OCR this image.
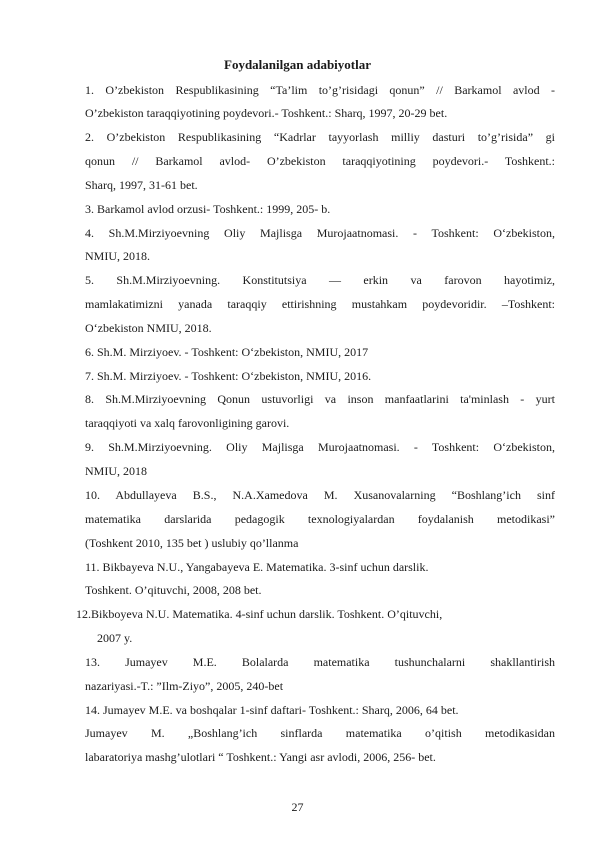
Foydalanilgan adabiyotlar
1. O’zbekiston Respublikasining “Ta’lim to’g’risidagi qonun” // Barkamol avlod -
O’zbekiston taraqqiyotining poydevori.- Toshkent.: Sharq, 1997, 20-29 bet.
2. O’zbekiston Respublikasining “Kadrlar tayyorlash milliy dasturi to’g’risida” gi
qonun // Barkamol avlod- O’zbekiston taraqqiyotining poydevori.- Toshkent.:
Sharq, 1997, 31-61 bet.
3. Barkamol avlod orzusi- Toshkent.: 1999, 205- b.
4. Sh.M.Mirziyoevning Oliy Majlisga Murojaatnomasi. - Toshkent: O‘zbekiston,
NMIU, 2018.
5. Sh.M.Mirziyoevning. Konstitutsiya — erkin va farovon hayotimiz,
mamlakatimizni yanada taraqqiy ettirishning mustahkam poydevoridir. –Toshkent:
O‘zbekiston NMIU, 2018.
6. Sh.M. Mirziyoev. - Toshkent: O‘zbekiston, NMIU, 2017
7. Sh.M. Mirziyoev. - Toshkent: O‘zbekiston, NMIU, 2016.
8. Sh.M.Mirziyoevning Qonun ustuvorligi va inson manfaatlarini ta'minlash - yurt
taraqqiyoti va xalq farovonligining garovi.
9. Sh.M.Mirziyoevning. Oliy Majlisga Murojaatnomasi. - Toshkent: O‘zbekiston,
NMIU, 2018
10. Abdullayeva B.S., N.A.Xamedova M. Xusanovalarning “Boshlang’ich sinf
matematika darslarida pedagogik texnologiyalardan foydalanish metodikasi”
(Toshkent 2010, 135 bet ) uslubiy qo’llanma
11. Bikbayeva N.U., Yangabayeva E. Matematika. 3-sinf uchun darslik.
Toshkent. O’qituvchi, 2008, 208 bet.
12.Bikboyeva N.U. Matematika. 4-sinf uchun darslik. Toshkent. O’qituvchi,
2007 y.
13. Jumayev M.E. Bolalarda matematika tushunchalarni shakllantirish
nazariyasi.-T.: ”Ilm-Ziyo”, 2005, 240-bet
14. Jumayev M.E. va boshqalar 1-sinf daftari- Toshkent.: Sharq, 2006, 64 bet.
Jumayev M. „Boshlang’ich sinflarda matematika o’qitish metodikasidan
labaratoriya mashg’ulotlari “ Toshkent.: Yangi asr avlodi, 2006, 256- bet.
27
